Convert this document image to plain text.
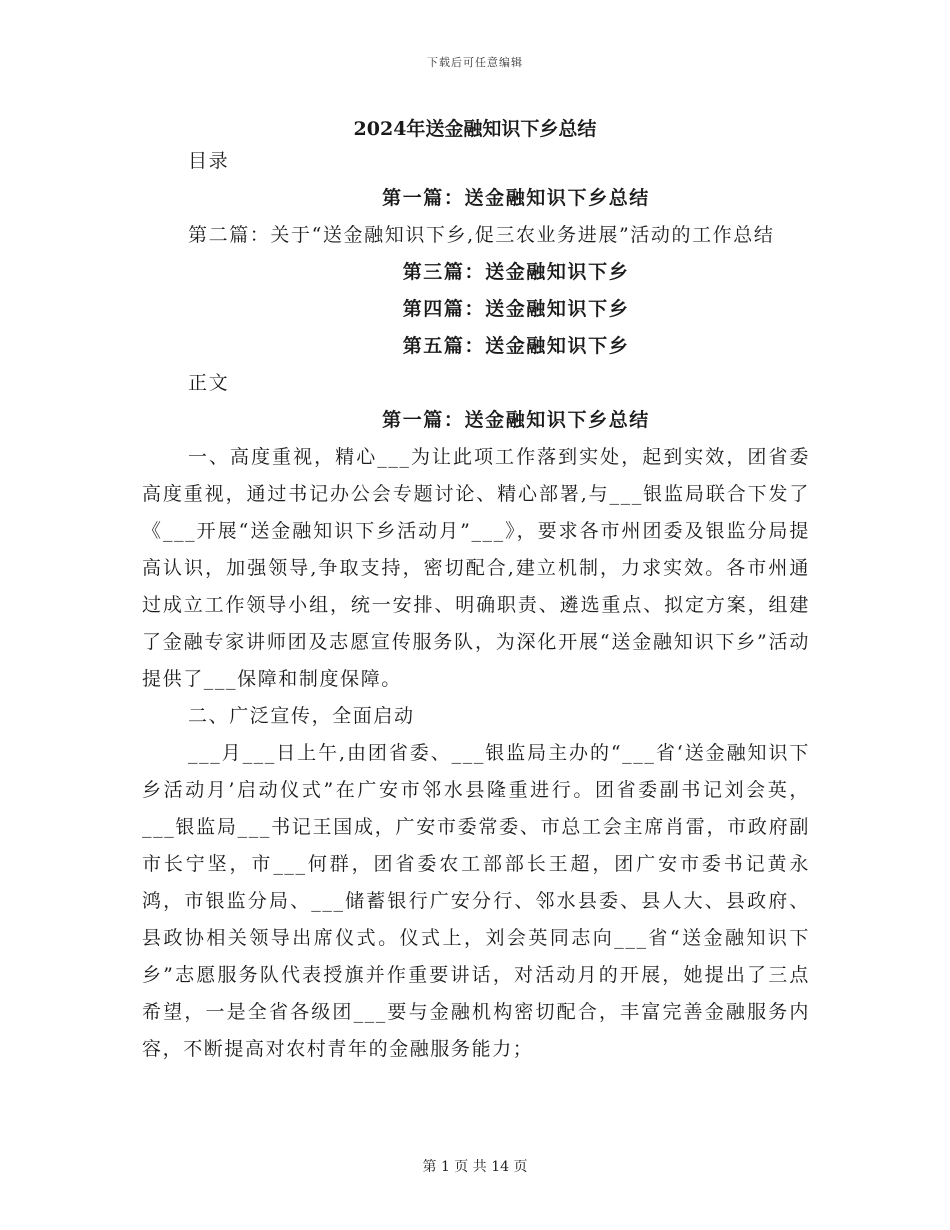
下载后可任意编辑
2024年送金融知识下乡总结

目录

第一篇：送金融知识下乡总结

第二篇：关于“送金融知识下乡,促三农业务进展”活动的工作总结

第三篇：送金融知识下乡

第四篇：送金融知识下乡

第五篇：送金融知识下乡

正文

第一篇：送金融知识下乡总结

一、高度重视，精心___为让此项工作落到实处，起到实效，团省委高度重视，通过书记办公会专题讨论、精心部署,与___银监局联合下发了《___开展“送金融知识下乡活动月”___》，要求各市州团委及银监分局提高认识，加强领导,争取支持，密切配合,建立机制，力求实效。各市州通过成立工作领导小组，统一安排、明确职责、遴选重点、拟定方案，组建了金融专家讲师团及志愿宣传服务队，为深化开展“送金融知识下乡”活动提供了___保障和制度保障。

二、广泛宣传，全面启动

___月___日上午,由团省委、___银监局主办的“___省‘送金融知识下乡活动月’启动仪式”在广安市邻水县隆重进行。团省委副书记刘会英，___银监局___书记王国成，广安市委常委、市总工会主席肖雷，市政府副市长宁坚，市___何群，团省委农工部部长王超，团广安市委书记黄永鸿，市银监分局、___储蓄银行广安分行、邻水县委、县人大、县政府、县政协相关领导出席仪式。仪式上，刘会英同志向___省“送金融知识下乡”志愿服务队代表授旗并作重要讲话，对活动月的开展，她提出了三点希望，一是全省各级团___要与金融机构密切配合，丰富完善金融服务内容，不断提高对农村青年的金融服务能力；

第 1 页 共 14 页
